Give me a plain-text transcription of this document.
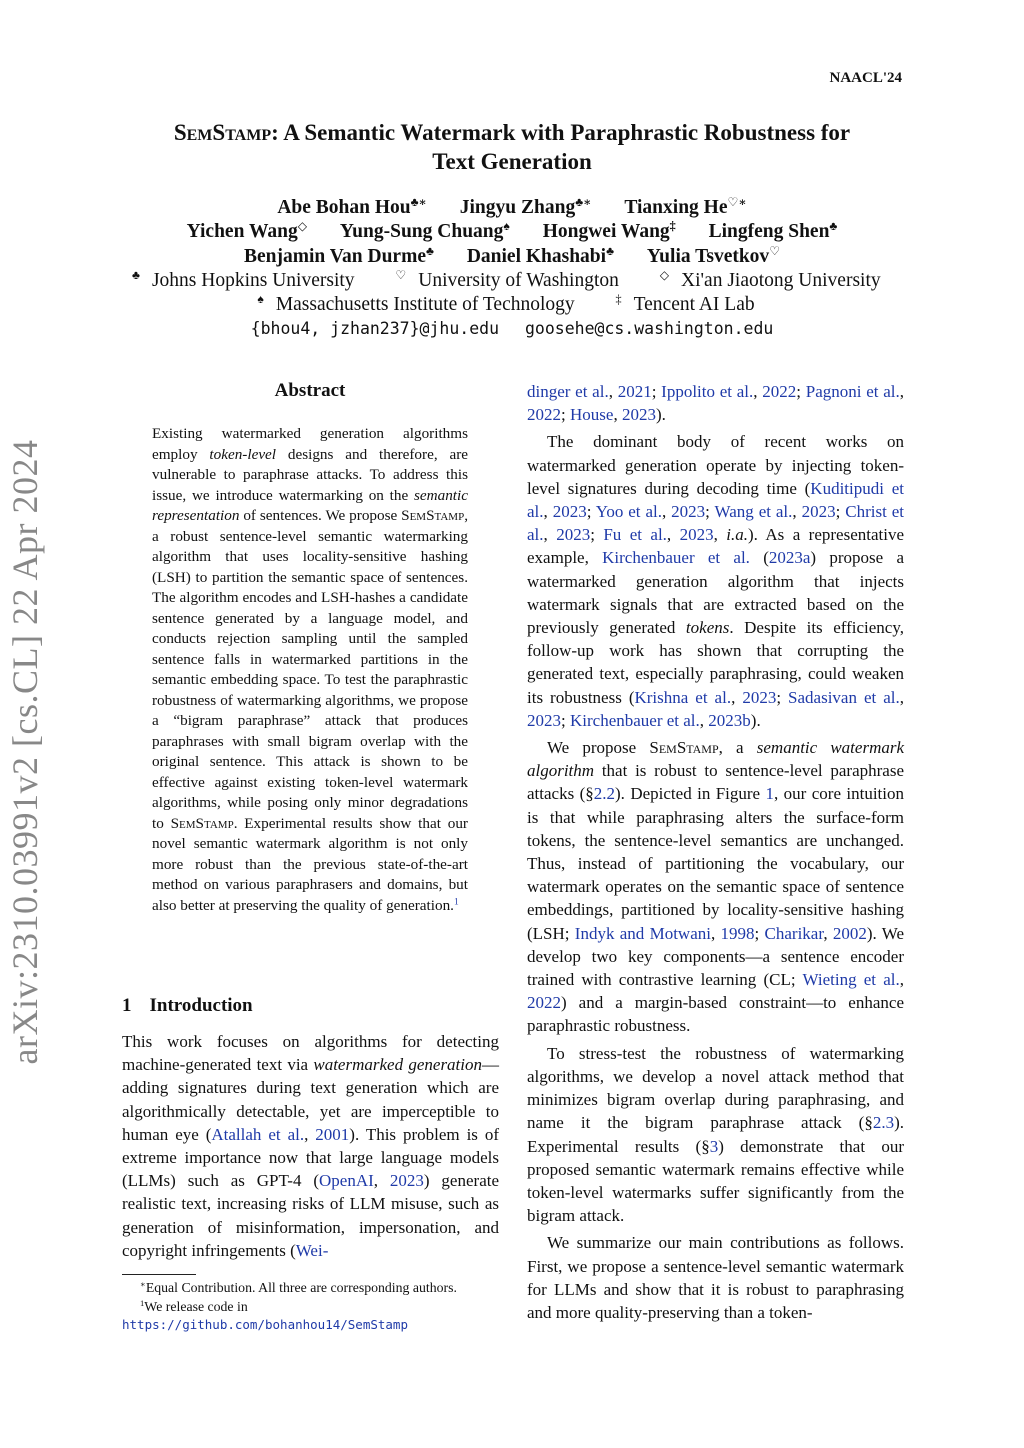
NAACL'24
arXiv:2310.03991v2 [cs.CL] 22 Apr 2024
SemStamp: A Semantic Watermark with Paraphrastic Robustness for
Text Generation
Abe Bohan Hou♣∗ Jingyu Zhang♣∗ Tianxing He♡∗
Yichen Wang◇ Yung-Sung Chuang♠ Hongwei Wang‡ Lingfeng Shen♣
Benjamin Van Durme♣ Daniel Khashabi♣ Yulia Tsvetkov♡
♣ Johns Hopkins University	♡ University of Washington	◇ Xi'an Jiaotong University
♠ Massachusetts Institute of Technology	‡ Tencent AI Lab
{bhou4, jzhan237}@jhu.edu goosehe@cs.washington.edu
Abstract

Existing watermarked generation algorithms employ token-level designs and therefore, are vulnerable to paraphrase attacks. To address this issue, we introduce watermarking on the semantic representation of sentences. We propose SemStamp, a robust sentence-level semantic watermarking algorithm that uses locality-sensitive hashing (LSH) to partition the semantic space of sentences. The algorithm encodes and LSH-hashes a candidate sentence generated by a language model, and conducts rejection sampling until the sampled sentence falls in watermarked partitions in the semantic embedding space. To test the paraphrastic robustness of watermarking algorithms, we propose a “bigram paraphrase” attack that produces paraphrases with small bigram overlap with the original sentence. This attack is shown to be effective against existing token-level watermark algorithms, while posing only minor degradations to SemStamp. Experimental results show that our novel semantic watermark algorithm is not only more robust than the previous state-of-the-art method on various paraphrasers and domains, but also better at preserving the quality of generation.$^1$

1 Introduction

This work focuses on algorithms for detecting machine-generated text via watermarked generation—adding signatures during text generation which are algorithmically detectable, yet are imperceptible to human eye (Atallah et al., 2001). This problem is of extreme importance now that large language models (LLMs) such as GPT-4 (OpenAI, 2023) generate realistic text, increasing risks of LLM misuse, such as generation of misinformation, impersonation, and copyright infringements (Wei-

∗Equal Contribution. All three are corresponding authors.
$^1$We release code in https://github.com/bohanhou14/SemStamp

dinger et al., 2021; Ippolito et al., 2022; Pagnoni et al., 2022; House, 2023).

The dominant body of recent works on watermarked generation operate by injecting token-level signatures during decoding time (Kuditipudi et al., 2023; Yoo et al., 2023; Wang et al., 2023; Christ et al., 2023; Fu et al., 2023, i.a.). As a representative example, Kirchenbauer et al. (2023a) propose a watermarked generation algorithm that injects watermark signals that are extracted based on the previously generated tokens. Despite its efficiency, follow-up work has shown that corrupting the generated text, especially paraphrasing, could weaken its robustness (Krishna et al., 2023; Sadasivan et al., 2023; Kirchenbauer et al., 2023b).

We propose SemStamp, a semantic watermark algorithm that is robust to sentence-level paraphrase attacks (§2.2). Depicted in Figure 1, our core intuition is that while paraphrasing alters the surface-form tokens, the sentence-level semantics are unchanged. Thus, instead of partitioning the vocabulary, our watermark operates on the semantic space of sentence embeddings, partitioned by locality-sensitive hashing (LSH; Indyk and Motwani, 1998; Charikar, 2002). We develop two key components—a sentence encoder trained with contrastive learning (CL; Wieting et al., 2022) and a margin-based constraint—to enhance paraphrastic robustness.

To stress-test the robustness of watermarking algorithms, we develop a novel attack method that minimizes bigram overlap during paraphrasing, and name it the bigram paraphrase attack (§2.3). Experimental results (§3) demonstrate that our proposed semantic watermark remains effective while token-level watermarks suffer significantly from the bigram attack.

We summarize our main contributions as follows. First, we propose a sentence-level semantic watermark for LLMs and show that it is robust to paraphrasing and more quality-preserving than a token-
